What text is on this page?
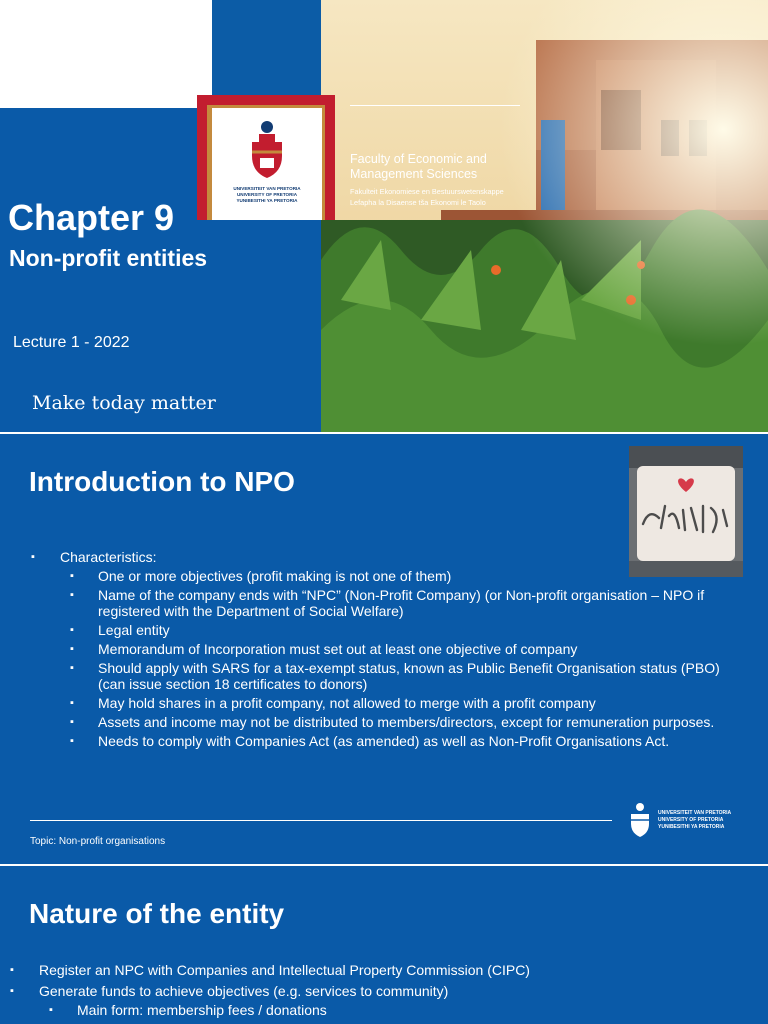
UNIVERSITEIT VAN PRETORIA
UNIVERSITY OF PRETORIA
YUNIBESITHI YA PRETORIA
Faculty of Economic and Management Sciences
Fakulteit Ekonomiese en Bestuurswetenskappe
Lefapha la Disaense tša Ekonomi le Taolo
Chapter 9
Non-profit entities
Lecture 1 - 2022
Make today matter
Introduction to NPO
▪ Characteristics:
▪ One or more objectives (profit making is not one of them)
▪ Name of the company ends with “NPC” (Non-Profit Company) (or Non-profit organisation – NPO if registered with the Department of Social Welfare)
▪ Legal entity
▪ Memorandum of Incorporation must set out at least one objective of company
▪ Should apply with SARS for a tax-exempt status, known as Public Benefit Organisation status (PBO) (can issue section 18 certificates to donors)
▪ May hold shares in a profit company, not allowed to merge with a profit company
▪ Assets and income may not be distributed to members/directors, except for remuneration purposes.
▪ Needs to comply with Companies Act (as amended) as well as Non-Profit Organisations Act.
Topic: Non-profit organisations
UNIVERSITEIT VAN PRETORIA
UNIVERSITY OF PRETORIA
YUNIBESITHI YA PRETORIA
Nature of the entity
▪ Register an NPC with Companies and Intellectual Property Commission (CIPC)
▪ Generate funds to achieve objectives (e.g. services to community)
▪ Main form: membership fees / donations
